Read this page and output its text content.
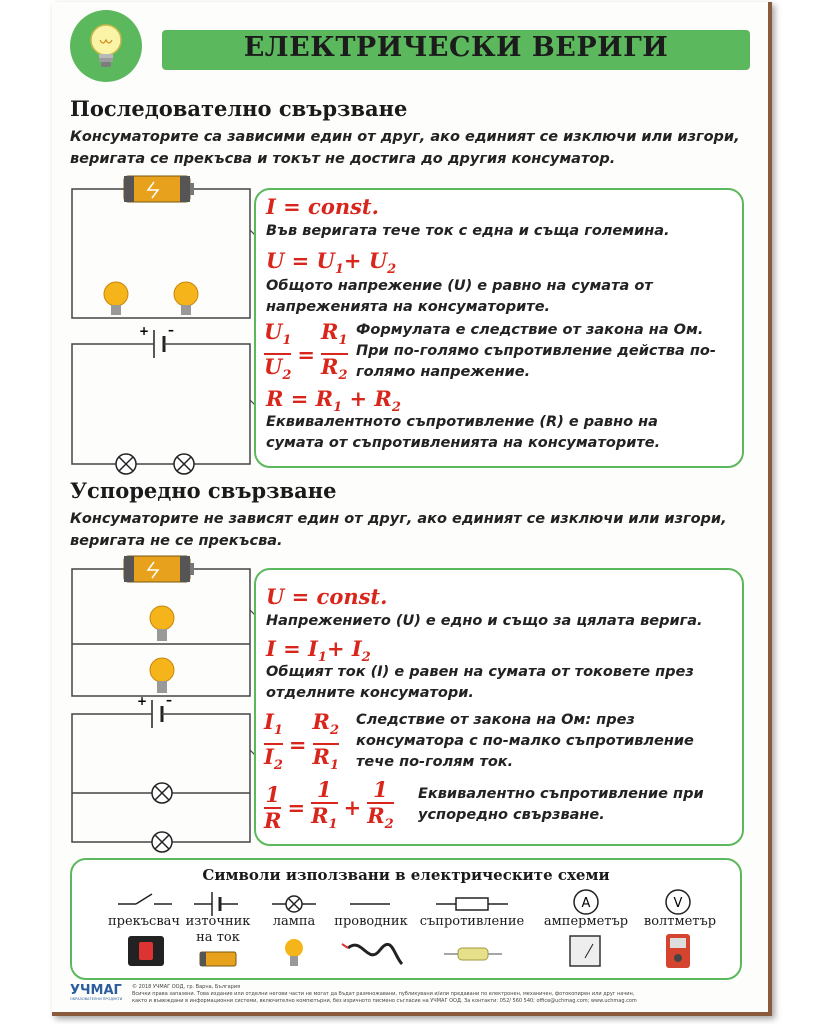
ЕЛЕКТРИЧЕСКИ ВЕРИГИ
Последователно свързване
Консуматорите са зависими един от друг, ако единият се изключи или изгори, веригата се прекъсва и токът не достига до другия консуматор.
+ –
I = const.
Във веригата тече ток с една и съща големина.
$U = U_1+ U_2$
Общото напрежение (U) е равно на сумата от напреженията на консуматорите.
$\frac{U_1}{U_2} = \frac{R_1}{R_2}$ Формулата е следствие от закона на Ом. При по-голямо съпротивление действа по-голямо напрежение.
$R = R_1 + R_2$
Еквивалентното съпротивление (R) е равно на сумата от съпротивленията на консуматорите.
Успоредно свързване
Консуматорите не зависят един от друг, ако единият се изключи или изгори, веригата не се прекъсва.
+ –
U = const.
Напрежението (U) е едно и също за цялата верига.
$I = I_1+ I_2$
Общият ток (I) е равен на сумата от токовете през отделните консуматори.
$\frac{I_1}{I_2} = \frac{R_2}{R_1}$ Следствие от закона на Ом: през консуматора с по-малко съпротивление тече по-голям ток.
$\frac{1}{R} = \frac{1}{R_1} + \frac{1}{R_2}$ Еквивалентно съпротивление при успоредно свързване.
Символи използвани в електрическите схеми
A	V
прекъсвач източник
на ток
лампа	проводник съпротивление	амперметър	волтметър
УЧМАГ
ОБРАЗОВАТЕЛНИ ПРОДУКТИ
© 2018 УЧМАГ ООД, гр. Варна, България
Всички права запазени. Това издание или отделни негови части не могат да бъдат размножавани, публикувани и/или предавани по електронен, механичен, фотокопирен или друг начин,
както и въвеждани в информационни системи, включително компютърни, без изричното писмено съгласие на УЧМАГ ООД. За контакти: 052/ 560 540; office@uchmag.com; www.uchmag.com
